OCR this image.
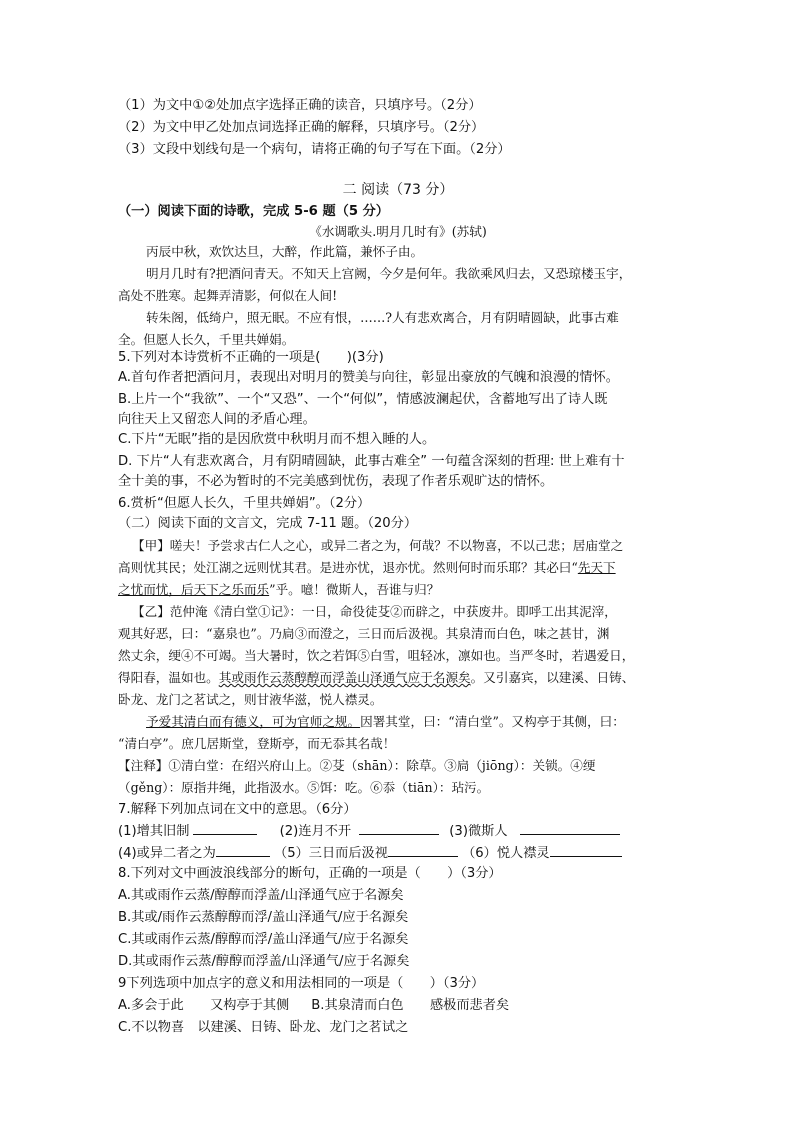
（1）为文中①②处加点字选择正确的读音，只填序号。（2分）
（2）为文中甲乙处加点词选择正确的解释，只填序号。（2分）
（3）文段中划线句是一个病句，请将正确的句子写在下面。（2分）
二 阅读（73 分）
（一）阅读下面的诗歌，完成 5-6 题（5 分）
《水调歌头.明月几时有》(苏轼)
丙辰中秋，欢饮达旦，大醉，作此篇，兼怀子由。
明月几时有?把酒问青天。不知天上宫阙，今夕是何年。我欲乘风归去，又恐琼楼玉宇，
高处不胜寒。起舞弄清影，何似在人间!
转朱阁，低绮户，照无眠。不应有恨，……?人有悲欢离合，月有阴晴圆缺，此事古难
全。但愿人长久，千里共婵娟。
5.下列对本诗赏析不正确的一项是(　　)(3分)
A.首句作者把酒问月，表现出对明月的赞美与向往，彰显出豪放的气魄和浪漫的情怀。
B.上片一个“我欲”、一个“又恐”、一个“何似”，情感波澜起伏，含蓄地写出了诗人既
向往天上又留恋人间的矛盾心理。
C.下片“无眠”指的是因欣赏中秋明月而不想入睡的人。
D. 下片“人有悲欢离合，月有阴晴圆缺，此事古难全” 一句蕴含深刻的哲理: 世上难有十
全十美的事，不必为暂时的不完美感到忧伤，表现了作者乐观旷达的情怀。
6.赏析“但愿人长久，千里共婵娟”。（2分）
（二）阅读下面的文言文，完成 7-11 题。（20分）
【甲】嗟夫！予尝求古仁人之心，或异二者之为，何哉？不以物喜，不以己悲；居庙堂之
高则忧其民；处江湖之远则忧其君。是进亦忧，退亦忧。然则何时而乐耶？其必曰“先天下
之忧而忧，后天下之乐而乐”乎。噫！微斯人，吾谁与归？
【乙】范仲淹《清白堂①记》：一日，命役徒芟②而辟之，中获废井。即呼工出其泥滓，
观其好恶，曰：“嘉泉也”。乃扃③而澄之，三日而后汲视。其泉清而白色，味之甚甘，渊
然丈余，绠④不可竭。当大暑时，饮之若饵⑤白雪，咀轻冰，凛如也。当严冬时，若遇爱日，
得阳春，温如也。其或雨作云蒸醇醇而浮盖山泽通气应于名源矣。又引嘉宾，以建溪、日铸、
卧龙、龙门之茗试之，则甘液华滋，悦人襟灵。
予爱其清白而有德义，可为官师之规。因署其堂，曰：“清白堂”。又构亭于其侧，曰：
“清白亭”。庶几居斯堂，登斯亭，而无忝其名哉！
【注释】①清白堂：在绍兴府山上。②芟（shān）：除草。③扃（jiōng）：关锁。④绠
（gěng）：原指井绳，此指汲水。⑤饵：吃。⑥忝（tiān）：玷污。
7.解释下列加点词在文中的意思。（6分）
(1)增其旧制	(2)连月不开	(3)微斯人
(4)或异二者之为	（5）三日而后汲视	（6）悦人襟灵
8.下列对文中画波浪线部分的断句，正确的一项是（　　）（3分）
A.其或雨作云蒸/醇醇而浮盖/山泽通气应于名源矣
B.其或/雨作云蒸醇醇而浮/盖山泽通气/应于名源矣
C.其或雨作云蒸/醇醇而浮/盖山泽通气/应于名源矣
D.其或雨作云蒸/醇醇而浮盖/山泽通气/应于名源矣
9下列选项中加点字的意义和用法相同的一项是（　　）（3分）
A.多会于此　　又构亭于其侧 B.其泉清而白色　　感极而悲者矣
C.不以物喜　以建溪、日铸、卧龙、龙门之茗试之
